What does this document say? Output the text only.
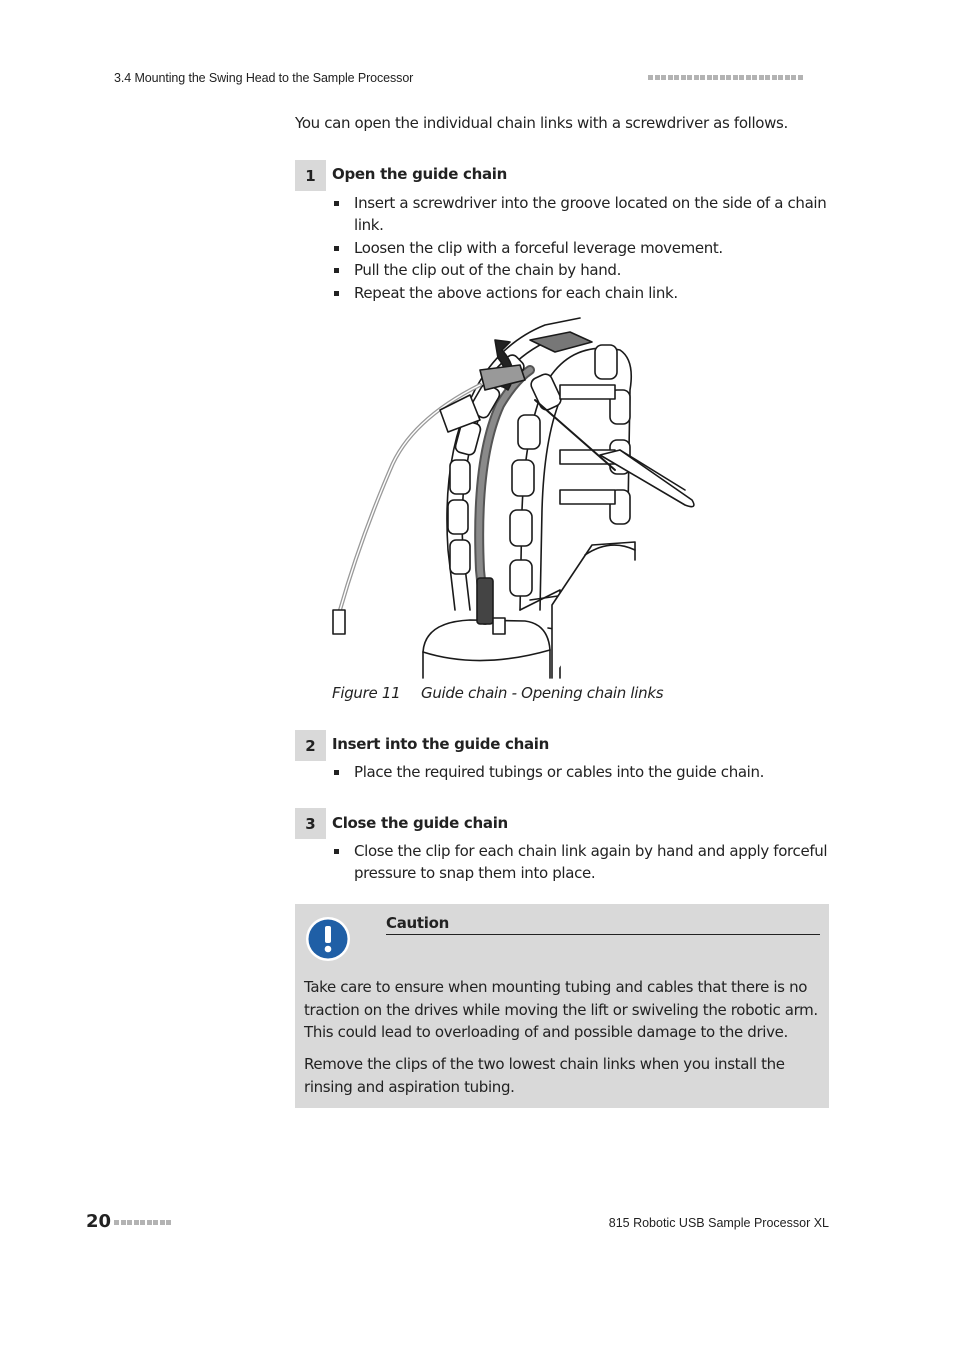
3.4 Mounting the Swing Head to the Sample Processor
You can open the individual chain links with a screwdriver as follows.
1	Open the guide chain
Insert a screwdriver into the groove located on the side of a chain link.
Loosen the clip with a forceful leverage movement.
Pull the clip out of the chain by hand.
Repeat the above actions for each chain link.
Figure 11 Guide chain - Opening chain links
2	Insert into the guide chain
Place the required tubings or cables into the guide chain.
3	Close the guide chain
Close the clip for each chain link again by hand and apply forceful pressure to snap them into place.
Caution

Take care to ensure when mounting tubing and cables that there is no traction on the drives while moving the lift or swiveling the robotic arm. This could lead to overloading of and possible damage to the drive.

Remove the clips of the two lowest chain links when you install the rinsing and aspiration tubing.

20	815 Robotic USB Sample Processor XL
